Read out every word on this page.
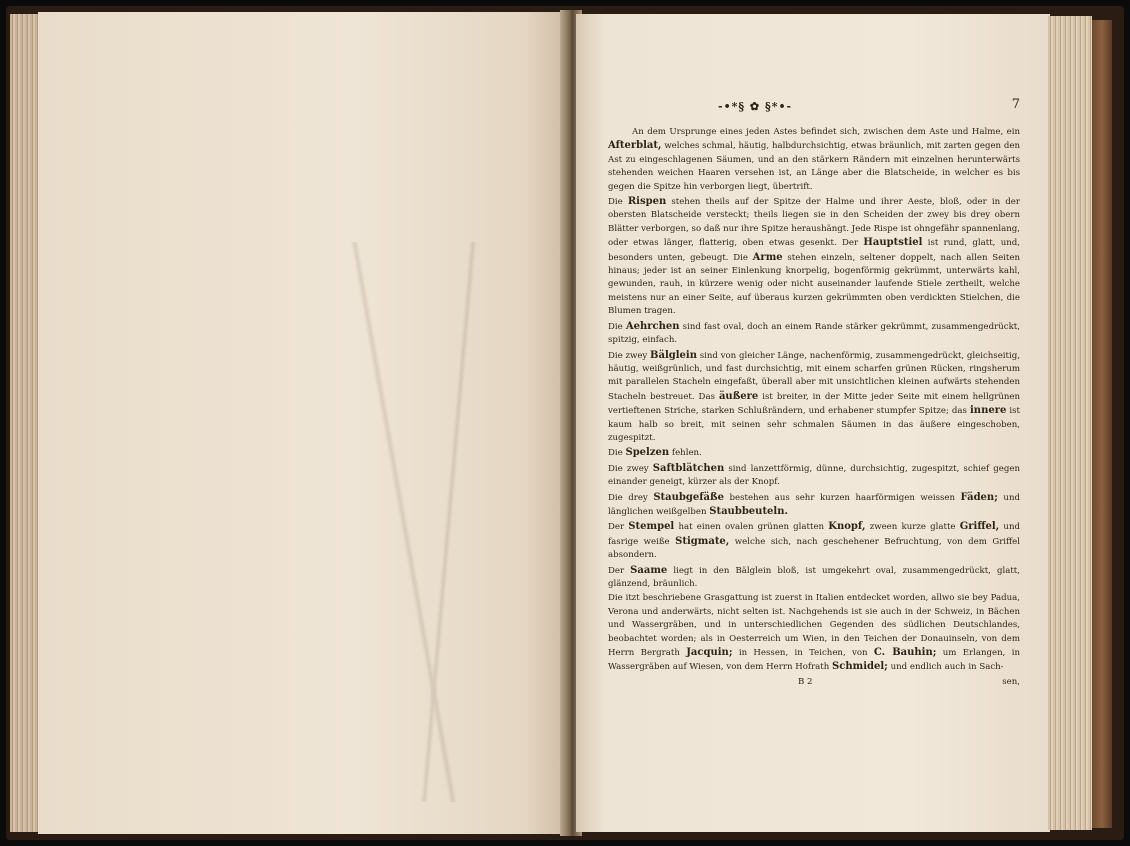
-•*§ ✿ §*•-	7

An dem Ursprunge eines jeden Astes befindet sich, zwischen dem Aste und Halme, ein Afterblat, welches schmal, häutig, halbdurchsichtig, etwas bräunlich, mit zarten gegen den Ast zu eingeschlagenen Säumen, und an den stärkern Rändern mit einzelnen herunterwärts stehenden weichen Haaren versehen ist, an Länge aber die Blatscheide, in welcher es bis gegen die Spitze hin verborgen liegt, übertrift.

Die Rispen stehen theils auf der Spitze der Halme und ihrer Aeste, bloß, oder in der obersten Blatscheide versteckt; theils liegen sie in den Scheiden der zwey bis drey obern Blätter verborgen, so daß nur ihre Spitze heraushängt. Jede Rispe ist ohngefähr spannenlang, oder etwas länger, flatterig, oben etwas gesenkt. Der Hauptstiel ist rund, glatt, und, besonders unten, gebeugt. Die Arme stehen einzeln, seltener doppelt, nach allen Seiten hinaus; jeder ist an seiner Einlenkung knorpelig, bogenförmig gekrümmt, unterwärts kahl, gewunden, rauh, in kürzere wenig oder nicht auseinander laufende Stiele zertheilt, welche meistens nur an einer Seite, auf überaus kurzen gekrümmten oben verdickten Stielchen, die Blumen tragen.

Die Aehrchen sind fast oval, doch an einem Rande stärker gekrümmt, zusammengedrückt, spitzig, einfach.

Die zwey Bälglein sind von gleicher Länge, nachenförmig, zusammengedrückt, gleichseitig, häutig, weißgrünlich, und fast durchsichtig, mit einem scharfen grünen Rücken, ringsherum mit parallelen Stacheln eingefaßt, überall aber mit unsichtlichen kleinen aufwärts stehenden Stacheln bestreuet. Das äußere ist breiter, in der Mitte jeder Seite mit einem hellgrünen vertieftenen Striche, starken Schlußrändern, und erhabener stumpfer Spitze; das innere ist kaum halb so breit, mit seinen sehr schmalen Säumen in das äußere eingeschoben, zugespitzt.

Die Spelzen fehlen.

Die zwey Saftblätchen sind lanzettförmig, dünne, durchsichtig, zugespitzt, schief gegen einander geneigt, kürzer als der Knopf.

Die drey Staubgefäße bestehen aus sehr kurzen haarförmigen weissen Fäden; und länglichen weißgelben Staubbeuteln.

Der Stempel hat einen ovalen grünen glatten Knopf, zween kurze glatte Griffel, und fasrige weiße Stigmate, welche sich, nach geschehener Befruchtung, von dem Griffel absondern.

Der Saame liegt in den Bälglein bloß, ist umgekehrt oval, zusammengedrückt, glatt, glänzend, bräunlich.

Die itzt beschriebene Grasgattung ist zuerst in Italien entdecket worden, allwo sie bey Padua, Verona und anderwärts, nicht selten ist. Nachgehends ist sie auch in der Schweiz, in Bächen und Wassergräben, und in unterschiedlichen Gegenden des südlichen Deutschlandes, beobachtet worden; als in Oesterreich um Wien, in den Teichen der Donauinseln, von dem Herrn Bergrath Jacquin; in Hessen, in Teichen, von C. Bauhin; um Erlangen, in Wassergräben auf Wiesen, von dem Herrn Hofrath Schmidel; und endlich auch in Sach-

B 2	sen,
